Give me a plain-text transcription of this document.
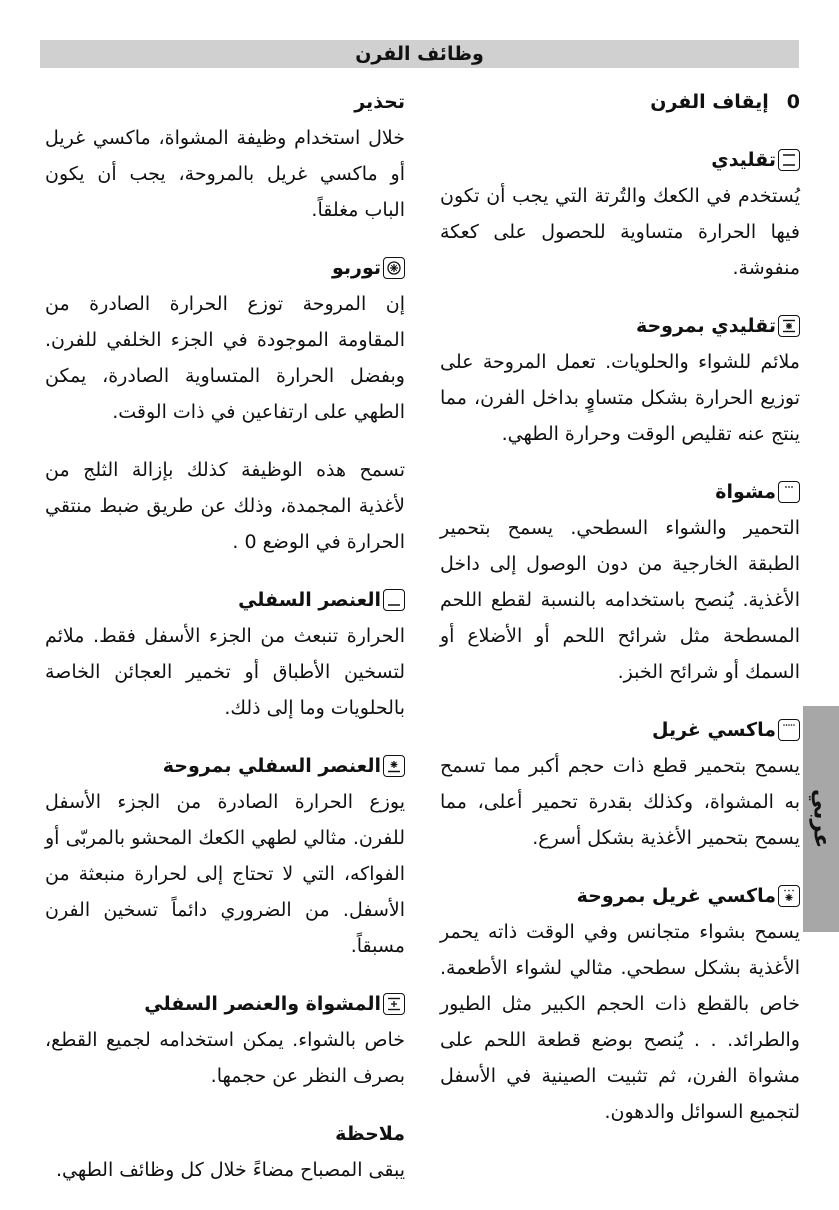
وظائف الفرن
0
إيقاف الفرن
تقليدي
يُستخدم في الكعك والتُرتة التي يجب أن تكون فيها الحرارة متساوية للحصول على كعكة منفوشة.
تقليدي بمروحة
ملائم للشواء والحلويات. تعمل المروحة على توزيع الحرارة بشكل متساوٍ بداخل الفرن، مما ينتج عنه تقليص الوقت وحرارة الطهي.
مشواة
التحمير والشواء السطحي. يسمح بتحمير الطبقة الخارجية من دون الوصول إلى داخل الأغذية. يُنصح باستخدامه بالنسبة لقطع اللحم المسطحة مثل شرائح اللحم أو الأضلاع أو السمك أو شرائح الخبز.
ماكسي غريل
يسمح بتحمير قطع ذات حجم أكبر مما تسمح به المشواة، وكذلك بقدرة تحمير أعلى، مما يسمح بتحمير الأغذية بشكل أسرع.
ماكسي غريل بمروحة
يسمح بشواء متجانس وفي الوقت ذاته يحمر الأغذية بشكل سطحي. مثالي لشواء الأطعمة. خاص بالقطع ذات الحجم الكبير مثل الطيور والطرائد. . . يُنصح بوضع قطعة اللحم على مشواة الفرن، ثم تثبيت الصينية في الأسفل لتجميع السوائل والدهون.
تحذير
خلال استخدام وظيفة المشواة، ماكسي غريل أو ماكسي غريل بالمروحة، يجب أن يكون الباب مغلقاً.
توربو
إن المروحة توزع الحرارة الصادرة من المقاومة الموجودة في الجزء الخلفي للفرن. وبفضل الحرارة المتساوية الصادرة، يمكن الطهي على ارتفاعين في ذات الوقت.
تسمح هذه الوظيفة كذلك بإزالة الثلج من لأغذية المجمدة، وذلك عن طريق ضبط منتقي الحرارة في الوضع 0 .
العنصر السفلي
الحرارة تنبعث من الجزء الأسفل فقط. ملائم لتسخين الأطباق أو تخمير العجائن الخاصة بالحلويات وما إلى ذلك.
العنصر السفلي بمروحة
يوزع الحرارة الصادرة من الجزء الأسفل للفرن. مثالي لطهي الكعك المحشو بالمربّى أو الفواكه، التي لا تحتاج إلى لحرارة منبعثة من الأسفل. من الضروري دائماً تسخين الفرن مسبقاً.
المشواة والعنصر السفلي
خاص بالشواء. يمكن استخدامه لجميع القطع، بصرف النظر عن حجمها.
ملاحظة
يبقى المصباح مضاءً خلال كل وظائف الطهي.
عربي
